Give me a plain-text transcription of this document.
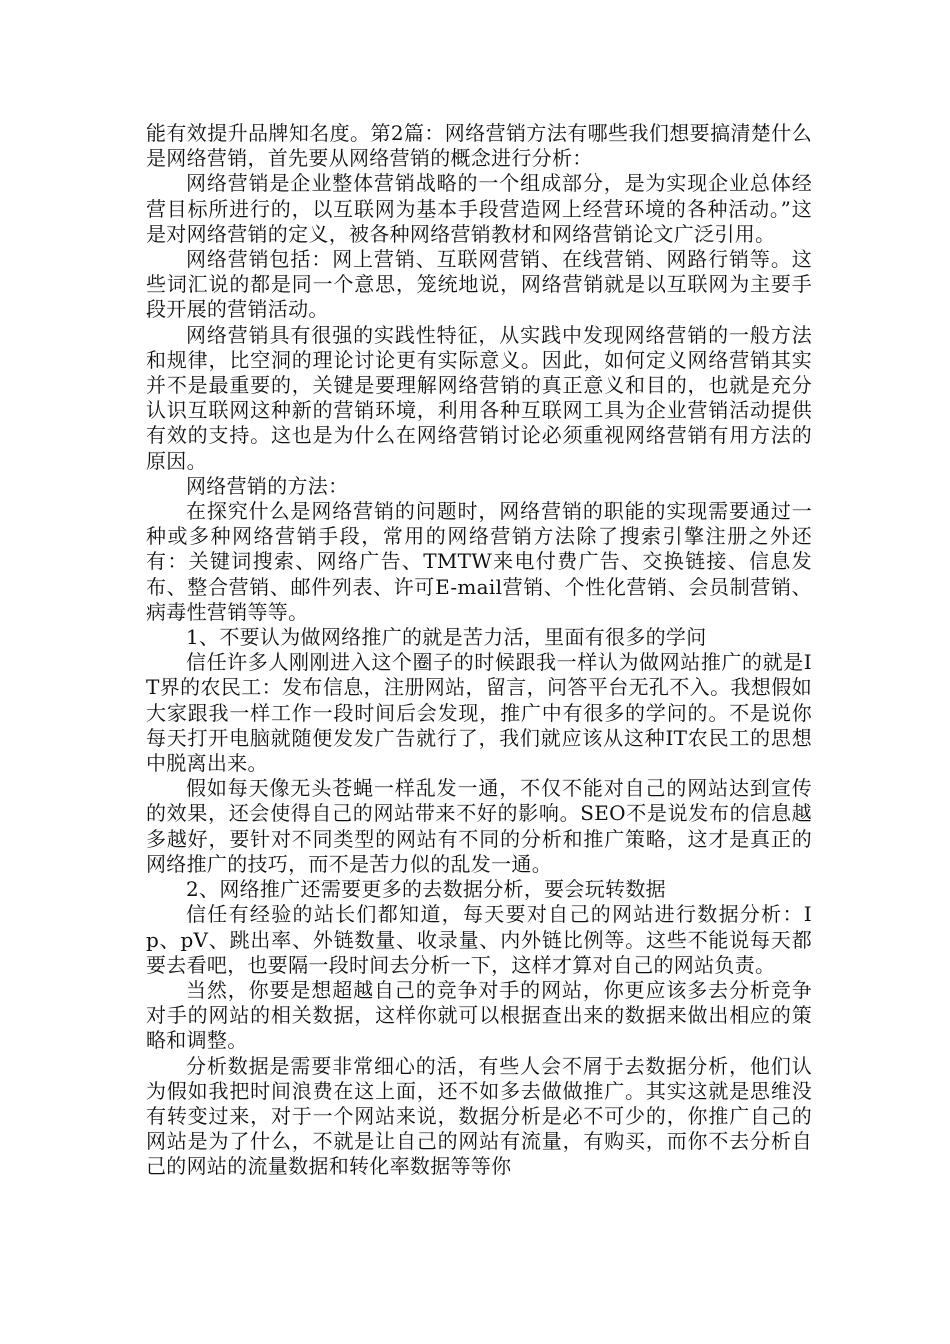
能有效提升品牌知名度。第2篇：网络营销方法有哪些我们想要搞清楚什么是网络营销，首先要从网络营销的概念进行分析：

网络营销是企业整体营销战略的一个组成部分，是为实现企业总体经营目标所进行的，以互联网为基本手段营造网上经营环境的各种活动。”这是对网络营销的定义，被各种网络营销教材和网络营销论文广泛引用。

网络营销包括：网上营销、互联网营销、在线营销、网路行销等。这些词汇说的都是同一个意思，笼统地说，网络营销就是以互联网为主要手段开展的营销活动。

网络营销具有很强的实践性特征，从实践中发现网络营销的一般方法和规律，比空洞的理论讨论更有实际意义。因此，如何定义网络营销其实并不是最重要的，关键是要理解网络营销的真正意义和目的，也就是充分认识互联网这种新的营销环境，利用各种互联网工具为企业营销活动提供有效的支持。这也是为什么在网络营销讨论必须重视网络营销有用方法的原因。

网络营销的方法：

在探究什么是网络营销的问题时，网络营销的职能的实现需要通过一种或多种网络营销手段，常用的网络营销方法除了搜索引擎注册之外还有：关键词搜索、网络广告、TMTW来电付费广告、交换链接、信息发布、整合营销、邮件列表、许可E-mail营销、个性化营销、会员制营销、病毒性营销等等。

1、不要认为做网络推广的就是苦力活，里面有很多的学问

信任许多人刚刚进入这个圈子的时候跟我一样认为做网站推广的就是IT界的农民工：发布信息，注册网站，留言，问答平台无孔不入。我想假如大家跟我一样工作一段时间后会发现，推广中有很多的学问的。不是说你每天打开电脑就随便发发广告就行了，我们就应该从这种IT农民工的思想中脱离出来。

假如每天像无头苍蝇一样乱发一通，不仅不能对自己的网站达到宣传的效果，还会使得自己的网站带来不好的影响。SEO不是说发布的信息越多越好，要针对不同类型的网站有不同的分析和推广策略，这才是真正的网络推广的技巧，而不是苦力似的乱发一通。

2、网络推广还需要更多的去数据分析，要会玩转数据

信任有经验的站长们都知道，每天要对自己的网站进行数据分析：Ip、pV、跳出率、外链数量、收录量、内外链比例等。这些不能说每天都要去看吧，也要隔一段时间去分析一下，这样才算对自己的网站负责。

当然，你要是想超越自己的竞争对手的网站，你更应该多去分析竞争对手的网站的相关数据，这样你就可以根据查出来的数据来做出相应的策略和调整。

分析数据是需要非常细心的活，有些人会不屑于去数据分析，他们认为假如我把时间浪费在这上面，还不如多去做做推广。其实这就是思维没有转变过来，对于一个网站来说，数据分析是必不可少的，你推广自己的网站是为了什么，不就是让自己的网站有流量，有购买，而你不去分析自己的网站的流量数据和转化率数据等等你
